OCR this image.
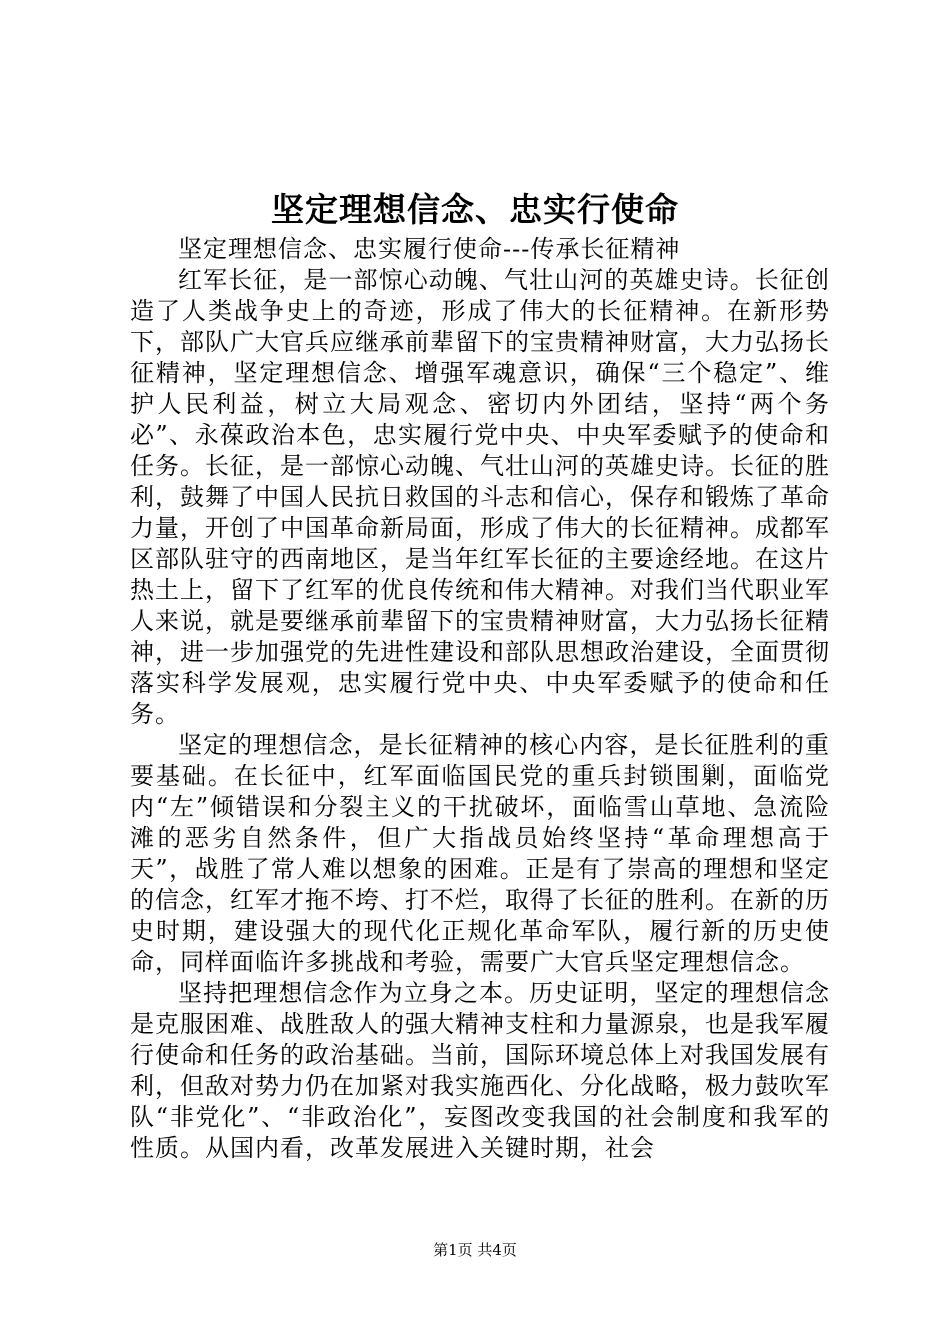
坚定理想信念、忠实行使命

坚定理想信念、忠实履行使命---传承长征精神

红军长征，是一部惊心动魄、气壮山河的英雄史诗。长征创造了人类战争史上的奇迹，形成了伟大的长征精神。在新形势下，部队广大官兵应继承前辈留下的宝贵精神财富，大力弘扬长征精神，坚定理想信念、增强军魂意识，确保“三个稳定”、维护人民利益，树立大局观念、密切内外团结，坚持“两个务必”、永葆政治本色，忠实履行党中央、中央军委赋予的使命和任务。长征，是一部惊心动魄、气壮山河的英雄史诗。长征的胜利，鼓舞了中国人民抗日救国的斗志和信心，保存和锻炼了革命力量，开创了中国革命新局面，形成了伟大的长征精神。成都军区部队驻守的西南地区，是当年红军长征的主要途经地。在这片热土上，留下了红军的优良传统和伟大精神。对我们当代职业军人来说，就是要继承前辈留下的宝贵精神财富，大力弘扬长征精神，进一步加强党的先进性建设和部队思想政治建设，全面贯彻落实科学发展观，忠实履行党中央、中央军委赋予的使命和任务。

坚定的理想信念，是长征精神的核心内容，是长征胜利的重要基础。在长征中，红军面临国民党的重兵封锁围剿，面临党内“左”倾错误和分裂主义的干扰破坏，面临雪山草地、急流险滩的恶劣自然条件，但广大指战员始终坚持“革命理想高于天”，战胜了常人难以想象的困难。正是有了崇高的理想和坚定的信念，红军才拖不垮、打不烂，取得了长征的胜利。在新的历史时期，建设强大的现代化正规化革命军队，履行新的历史使命，同样面临许多挑战和考验，需要广大官兵坚定理想信念。

坚持把理想信念作为立身之本。历史证明，坚定的理想信念是克服困难、战胜敌人的强大精神支柱和力量源泉，也是我军履行使命和任务的政治基础。当前，国际环境总体上对我国发展有利，但敌对势力仍在加紧对我实施西化、分化战略，极力鼓吹军队“非党化”、“非政治化”，妄图改变我国的社会制度和我军的性质。从国内看，改革发展进入关键时期，社会

第1页 共4页
